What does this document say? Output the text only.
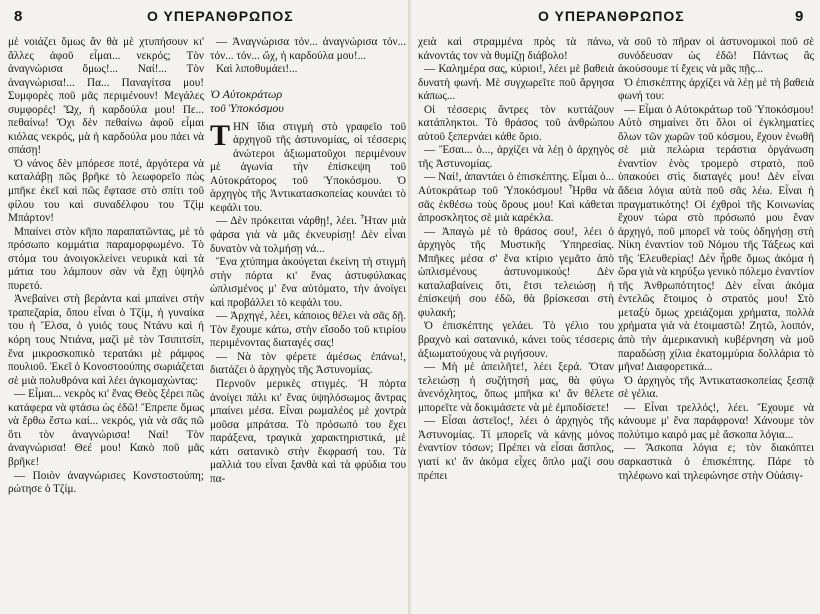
8	Ο ΥΠΕΡΑΝΘΡΩΠΟΣ

μὲ νοιάζει ὅμως ἄν θὰ μὲ χτυπήσουν κι' ἄλλες ἀφοῦ εἶμαι... νεκρός; Τὸν ἀναγνώρισα ὅμως!... Ναί!... Τὸν ἀναγνώρισα!... Πα... Παναγίτσα μου! Συμφορὲς ποῦ μᾶς περιμένουν! Μεγάλες συμφορές! Ὤχ, ἡ καρδούλα μου! Πε... πεθαίνω! Ὄχι δὲν πεθαίνω ἀφοῦ εἶμαι κιόλας νεκρός, μὰ ἡ καρδούλα μου πάει νὰ σπάσῃ!

Ὁ νάνος δὲν μπόρεσε ποτέ, ἀργότερα νὰ καταλάβῃ πῶς βρῆκε τὸ λεωφορεῖο πὼς μπῆκε ἐκεῖ καὶ πῶς ἔφτασε στὸ σπίτι τοῦ φίλου του καὶ συναδέλφου του Τζὶμ Μπάρτον!

Μπαίνει στὸν κῆπο παραπατῶντας, μὲ τὸ πρόσωπο κομμάτια παραμορφωμένο. Τὸ στόμα του ἀνοιγοκλείνει νευρικὰ καὶ τὰ μάτια του λάμπουν σὰν νὰ ἔχῃ ὑψηλὸ πυρετό.

Ἀνεβαίνει στὴ βεράντα καὶ μπαίνει στὴν τραπεζαρία, ὅπου εἶναι ὁ Τζίμ, ἡ γυναίκα του ἡ Ἔλσα, ὁ γυιός τους Ντάνυ καὶ ἡ κόρη τους Ντιάνα, μαζὶ μὲ τὸν Τσιπιτσίπ, ἕνα μικροσκοπικὸ τερατάκι μὲ ράμφος πουλιοῦ. Ἐκεῖ ὁ Κονοστοούπης σωριάζεται σὲ μιὰ πολυθρόνα καὶ λέει ἀγκομαχώντας:

— Εἶμαι... νεκρὸς κι' ἕνας Θεὸς ξέρει πῶς κατάφερα νὰ φτάσω ὡς ἐδῶ! Ἔπρεπε ὅμως νὰ ἔρθω ἔστω καί... νεκρός, γιὰ νὰ σᾶς πῶ ὅτι τὸν ἀναγνώρισα! Ναί! Τὸν ἀναγνώρισα! Θεέ μου! Κακὸ ποῦ μᾶς βρῆκε!

— Ποιὸν ἀναγνώρισες Κονστοστούπη; ρώτησε ὁ Τζίμ.

— Ἀναγνώρισα τόν... ἀναγνώρισα τόν... τόν... τόν... ὤχ, ἡ καρδούλα μου!...

Καὶ λιποθυμάει!...

Ὁ Αὐτοκράτωρ
τοῦ Ὑποκόσμου

ΤΗΝ ἴδια στιγμὴ στὸ γραφεῖο τοῦ ἀρχηγοῦ τῆς ἀστυνομίας, οἱ τέσσερις ἀνώτεροι ἀξιωματοῦχοι περιμένουν μὲ ἀγωνία τὴν ἐπίσκεψη τοῦ Αὐτοκράτορος τοῦ Ὑποκόσμου. Ὁ ἀρχηγὸς τῆς Ἀντικατασκοπείας κουνάει τὸ κεφάλι του.

— Δὲν πρόκειται νάρθῃ!, λέει. Ἦταν μιὰ φάρσα γιὰ νὰ μᾶς ἐκνευρίσῃ! Δὲν εἶναι δυνατὸν νὰ τολμήσῃ νά...

Ἕνα χτύπημα ἀκούγεται ἐκείνη τὴ στιγμὴ στὴν πόρτα κι' ἕνας ἀστυφύλακας ὡπλισμένος μ' ἕνα αὐτόματο, τὴν ἀνοίγει καὶ προβάλλει τὸ κεφάλι του.

— Ἀρχηγέ, λέει, κάποιος θέλει νὰ σᾶς δῇ. Τὸν ἔχουμε κάτω, στὴν εἴσοδο τοῦ κτιρίου περιμένοντας διαταγές σας!

— Νὰ τὸν φέρετε ἀμέσως ἐπάνω!, διατάζει ὁ ἀρχηγὸς τῆς Ἀστυνομίας.

Περνοῦν μερικὲς στιγμές. Ἡ πόρτα ἀνοίγει πάλι κι' ἕνας ὑψηλόσωμος ἄντρας μπαίνει μέσα. Εἶναι ρωμαλέος μὲ χοντρὰ μοῦσα μπράτσα. Τὸ πρόσωπό του ἔχει παράξενα, τραγικὰ χαρακτηριστικά, μὲ κάτι σατανικὸ στὴν ἔκφρασή του. Τὰ μαλλιά του εἶναι ξανθὰ καὶ τὰ φρύδια του πα-

Ο ΥΠΕΡΑΝΘΡΩΠΟΣ	9

χειὰ καὶ στραμμένα πρὸς τὰ πάνω, κάνοντάς τον νὰ θυμίζῃ διάβολο!

— Καλημέρα σας, κύριοι!, λέει μὲ βαθειὰ δυνατὴ φωνή. Μὲ συγχωρεῖτε ποῦ ἄργησα κάπως...

Οἱ τέσσερις ἄντρες τὸν κυττάζουν κατάπληκτοι. Τὸ θράσος τοῦ ἀνθρώπου αὐτοῦ ξεπερνάει κάθε ὅριο.

— Ἔσαι... ὁ..., ἀρχίζει νὰ λέῃ ὁ ἀρχηγὸς τῆς Ἀστυνομίας.

— Ναί!, ἀπαντάει ὁ ἐπισκέπτης. Εἶμαι ὁ... Αὐτοκράτωρ τοῦ Ὑποκόσμου! Ἦρθα νὰ σᾶς ἐκθέσω τοὺς ὅρους μου! Καὶ κάθεται ἀπροσκλητος σὲ μιὰ καρέκλα.

— Ἀπαγὼ μὲ τὸ θράσος σου!, λέει ὁ ἀρχηγὸς τῆς Μυστικῆς Ὑπηρεσίας. Μπῆκες μέσα σ' ἕνα κτίριο γεμᾶτο ἀπὸ ὡπλισμένους ἀστυνομικούς! Δὲν καταλαβαίνεις ὅτι, ἔτσι τελειώσῃ ἡ ἐπίσκεψή σου ἐδῶ, θὰ βρίσκεσαι στὴ φυλακή;

Ὁ ἐπισκέπτης γελάει. Τὸ γέλιο του βραχνὸ καὶ σατανικό, κάνει τοὺς τέσσερις ἀξιωματούχους νὰ ριγήσουν.

— Μὴ μὲ ἀπειλῆτε!, λέει ξερά. Ὅταν τελειώσῃ ἡ συζήτησή μας, θὰ φύγω ἀνενόχλητος, ὅπως μπῆκα κι' ἄν θέλετε μπορεῖτε νὰ δοκιμάσετε νὰ μὲ ἐμποδίσετε!

— Εἶσαι ἀστεῖος!, λέει ὁ ἀρχηγὸς τῆς Ἀστυνομίας. Τί μπορεῖς νὰ κάνῃς μόνος ἐναντίον τόσων; Πρέπει νὰ εἶσαι ἄσπλος, γιατί κι' ἄν ἀκόμα εἶχες ὅπλο μαζί σου πρέπει

νὰ σοῦ τὸ πῆραν οἱ ἀστυνομικοὶ ποῦ σὲ συνόδευσαν ὡς ἐδῶ! Πάντως ἂς ἀκούσουμε τί ἔχεις νὰ μᾶς πῇς...

Ὁ ἐπισκέπτης ἀρχίζει νὰ λέῃ μὲ τὴ βαθειὰ φωνή του:

— Εἶμαι ὁ Αὐτοκράτωρ τοῦ Ὑποκόσμου! Αὐτὸ σημαίνει ὅτι ὅλοι οἱ ἐγκληματίες ὅλων τῶν χωρῶν τοῦ κόσμου, ἔχουν ἑνωθῆ σὲ μιὰ πελώρια τεράστια ὀργάνωση ἐναντίον ἑνὸς τρομερὸ στρατὸ, ποῦ ὑπακούει στὶς διαταγές μου! Δὲν εἶναι ἄδεια λόγια αὐτὰ ποῦ σᾶς λέω. Εἶναι ἡ πραγματικότης! Οἱ ἐχθροὶ τῆς Κοινωνίας ἔχουν τώρα στὸ πρόσωπό μου ἕναν ἀρχηγό, ποῦ μπορεῖ νὰ τοὺς ὁδηγήσῃ στὴ Νίκη ἐναντίον τοῦ Νόμου τῆς Τάξεως καὶ τῆς Ἐλευθερίας! Δὲν ἦρθε ὅμως ἀκόμα ἡ ὥρα γιὰ νὰ κηρύξω γενικὸ πόλεμο ἐναντίον τῆς Ἀνθρωπότητος! Δὲν εἶναι ἀκόμα ἐντελῶς ἕτοιμος ὁ στρατός μου! Στὸ μεταξὺ ὅμως χρειάζομαι χρήματα, πολλὰ χρήματα γιὰ νὰ ἑτοιμαστῶ! Ζητῶ, λοιπόν, ἀπὸ τὴν ἀμερικανικὴ κυβέρνηση νὰ μοῦ παραδώσῃ χίλια ἑκατομμύρια δολλάρια τὸ μῆνα! Διαφορετικά...

Ὁ ἀρχηγὸς τῆς Ἀντικατασκοπείας ξεσπᾷ σὲ γέλια.

— Εἶναι τρελλός!, λέει. Ἔχουμε νὰ κάνουμε μ' ἕνα παράφρονα! Χάνουμε τὸν πολύτιμο καιρό μας μὲ ἄσκοπα λόγια...

— Ἄσκοπα λόγια ε; τὸν διακόπτει σαρκαστικὰ ὁ ἐπισκέπτης. Πάρε τὸ τηλέφωνο καὶ τηλεφώνησε στὴν Οὐάσιγ-
